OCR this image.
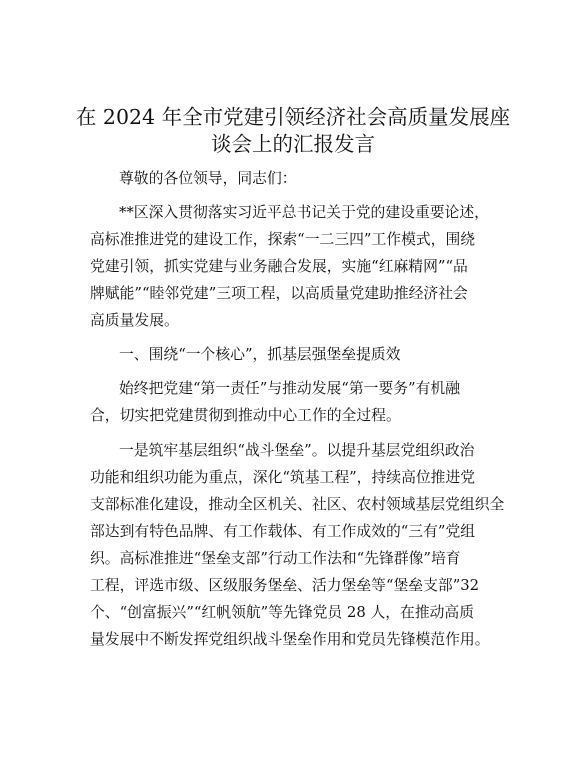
在 2024 年全市党建引领经济社会高质量发展座
谈会上的汇报发言
尊敬的各位领导，同志们：
**区深入贯彻落实习近平总书记关于党的建设重要论述，
高标准推进党的建设工作，探索“一二三四”工作模式，围绕
党建引领，抓实党建与业务融合发展，实施“红麻精网”“品
牌赋能”“睦邻党建”三项工程，以高质量党建助推经济社会
高质量发展。
一、围绕“一个核心”，抓基层强堡垒提质效
始终把党建“第一责任”与推动发展“第一要务”有机融
合，切实把党建贯彻到推动中心工作的全过程。
一是筑牢基层组织“战斗堡垒”。以提升基层党组织政治
功能和组织功能为重点，深化“筑基工程”，持续高位推进党
支部标准化建设，推动全区机关、社区、农村领域基层党组织全
部达到有特色品牌、有工作载体、有工作成效的“三有”党组
织。高标准推进“堡垒支部”行动工作法和“先锋群像”培育
工程，评选市级、区级服务堡垒、活力堡垒等“堡垒支部”32
个、“创富振兴”“红帆领航”等先锋党员 28 人，在推动高质
量发展中不断发挥党组织战斗堡垒作用和党员先锋模范作用。
